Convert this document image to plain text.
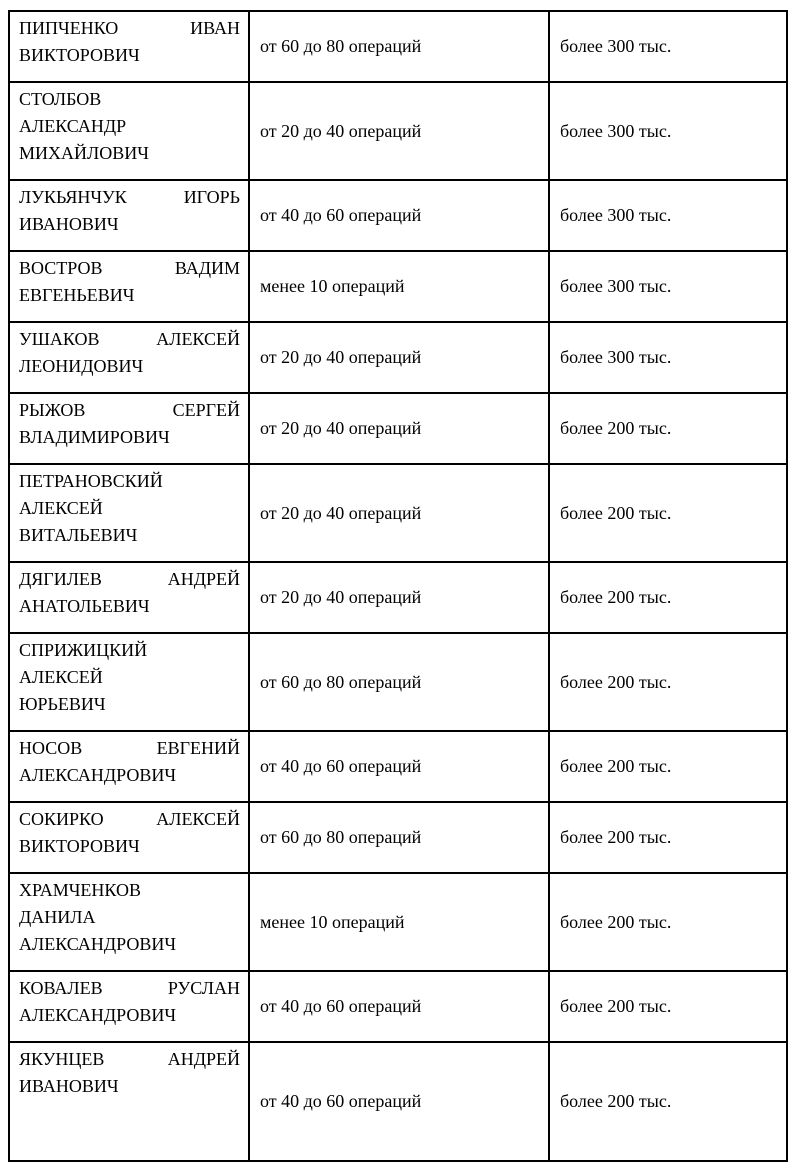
ПИПЧЕНКО ИВАН
ВИКТОРОВИЧ	от 60 до 80 операций	более 300 тыс.

СТОЛБОВ
АЛЕКСАНДР
МИХАЙЛОВИЧ	от 20 до 40 операций	более 300 тыс.

ЛУКЬЯНЧУК ИГОРЬ
ИВАНОВИЧ	от 40 до 60 операций	более 300 тыс.

ВОСТРОВ ВАДИМ
ЕВГЕНЬЕВИЧ	менее 10 операций	более 300 тыс.

УШАКОВ АЛЕКСЕЙ
ЛЕОНИДОВИЧ	от 20 до 40 операций	более 300 тыс.

РЫЖОВ СЕРГЕЙ
ВЛАДИМИРОВИЧ	от 20 до 40 операций	более 200 тыс.

ПЕТРАНОВСКИЙ
АЛЕКСЕЙ
ВИТАЛЬЕВИЧ	от 20 до 40 операций	более 200 тыс.

ДЯГИЛЕВ АНДРЕЙ
АНАТОЛЬЕВИЧ	от 20 до 40 операций	более 200 тыс.

СПРИЖИЦКИЙ
АЛЕКСЕЙ
ЮРЬЕВИЧ	от 60 до 80 операций	более 200 тыс.

НОСОВ ЕВГЕНИЙ
АЛЕКСАНДРОВИЧ	от 40 до 60 операций	более 200 тыс.

СОКИРКО АЛЕКСЕЙ
ВИКТОРОВИЧ	от 60 до 80 операций	более 200 тыс.

ХРАМЧЕНКОВ
ДАНИЛА
АЛЕКСАНДРОВИЧ	менее 10 операций	более 200 тыс.

КОВАЛЕВ РУСЛАН
АЛЕКСАНДРОВИЧ	от 40 до 60 операций	более 200 тыс.

ЯКУНЦЕВ АНДРЕЙ
ИВАНОВИЧ	от 40 до 60 операций	более 200 тыс.
